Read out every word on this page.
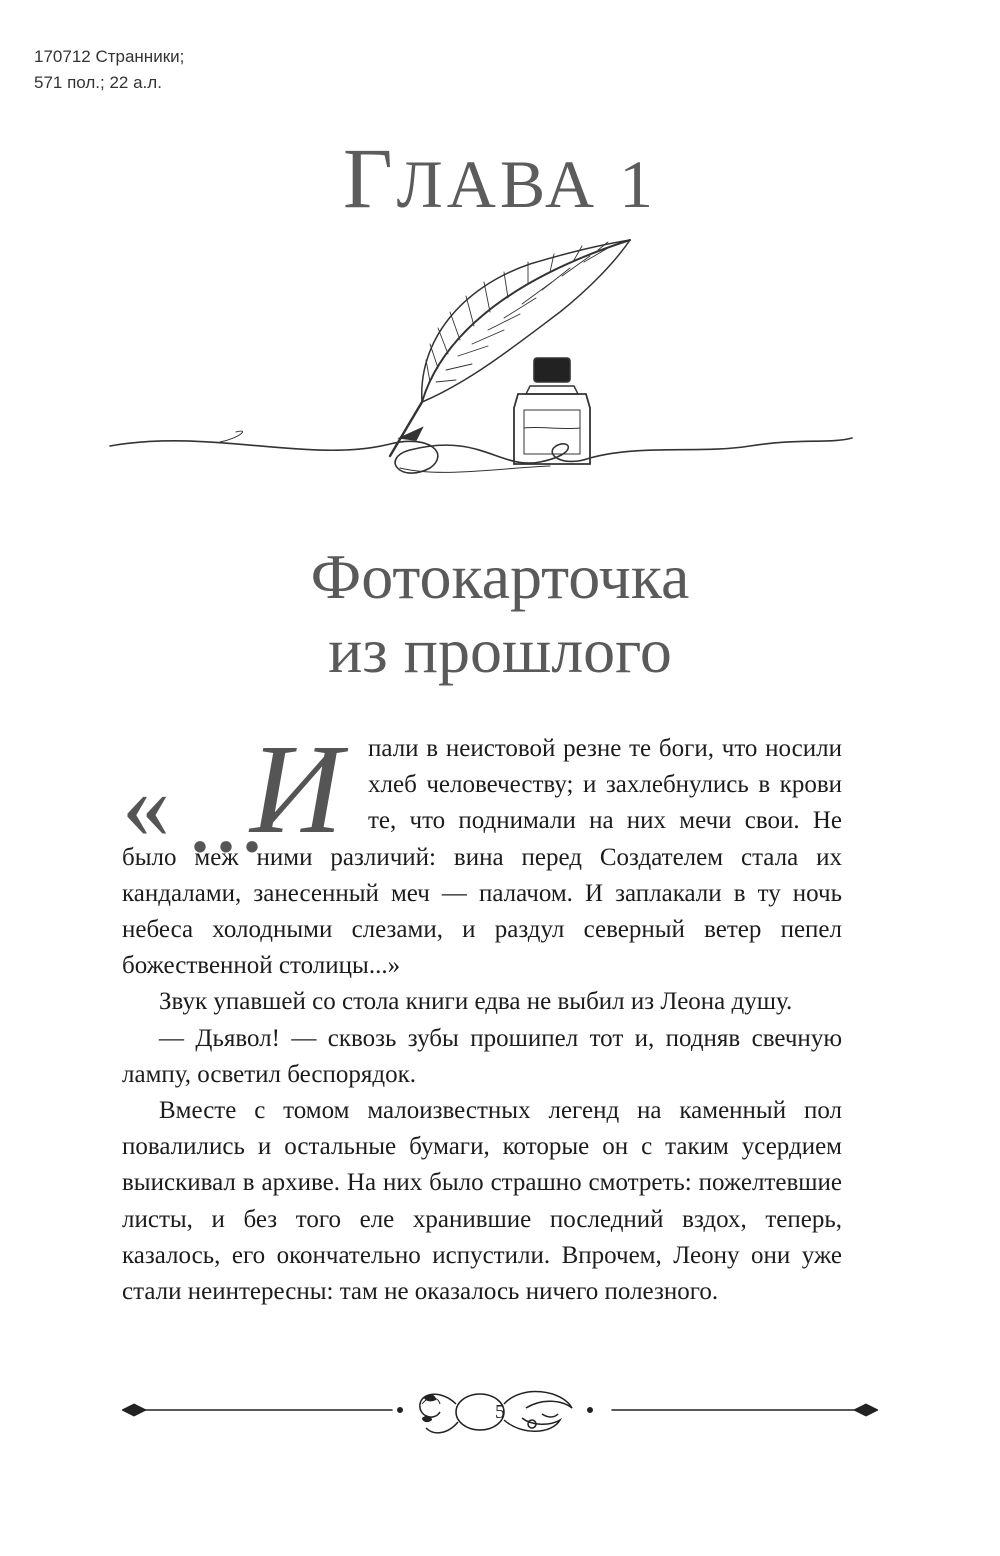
170712 Странники;
571 пол.; 22 а.л.
ГЛАВА 1
Фотокарточка
из прошлого

« ...
И пали в неистовой резне те боги, что носили хлеб человечеству; и захлебнулись в крови те, что поднимали на них мечи свои. Не было меж ними различий: вина перед Создателем стала их кандалами, занесенный меч — палачом. И заплакали в ту ночь небеса холодными слезами, и раздул северный ветер пепел божественной столицы...»

Звук упавшей со стола книги едва не выбил из Леона душу.

— Дьявол! — сквозь зубы прошипел тот и, подняв свечную лампу, осветил беспорядок.

Вместе с томом малоизвестных легенд на каменный пол повалились и остальные бумаги, которые он с таким усердием выискивал в архиве. На них было страшно смотреть: пожелтевшие листы, и без того еле хранившие последний вздох, теперь, казалось, его окончательно испустили. Впрочем, Леону они уже стали неинтересны: там не оказалось ничего полезного.

5
